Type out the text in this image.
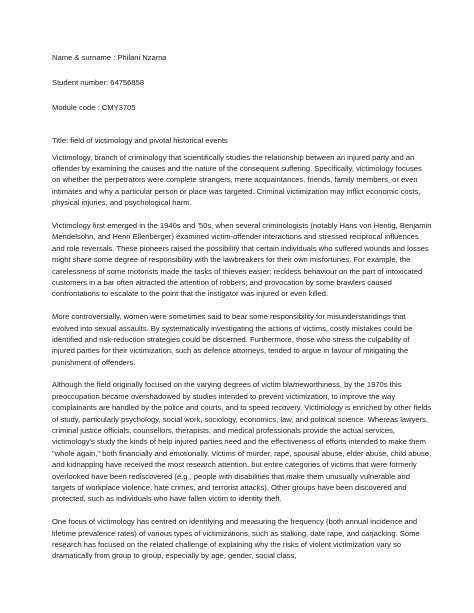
Name & surname : Philani Nzama
Student number: 64756858
Module code : CMY3705
Title: field of victimology and pivotal historical events

Victimology, branch of criminology that scientifically studies the relationship between an injured party and an offender by examining the causes and the nature of the consequent suffering. Specifically, victimology focuses on whether the perpetrators were complete strangers, mere acquaintances, friends, family members, or even intimates and why a particular person or place was targeted. Criminal victimization may inflict economic costs, physical injuries, and psychological harm.

Victimology first emerged in the 1940s and '50s, when several criminologists (notably Hans von Hentig, Benjamin Mendelsohn, and Henri Ellenberger) examined victim-offender interactions and stressed reciprocal influences and role reversals. These pioneers raised the possibility that certain individuals who suffered wounds and losses might share some degree of responsibility with the lawbreakers for their own misfortunes. For example, the carelessness of some motorists made the tasks of thieves easier; reckless behaviour on the part of intoxicated customers in a bar often attracted the attention of robbers; and provocation by some brawlers caused confrontations to escalate to the point that the instigator was injured or even killed.

More controversially, women were sometimes said to bear some responsibility for misunderstandings that evolved into sexual assaults. By systematically investigating the actions of victims, costly mistakes could be identified and risk-reduction strategies could be discerned. Furthermore, those who stress the culpability of injured parties for their victimization, such as defence attorneys, tended to argue in favour of mitigating the punishment of offenders.

Although the field originally focused on the varying degrees of victim blameworthiness, by the 1970s this preoccupation became overshadowed by studies intended to prevent victimization, to improve the way complainants are handled by the police and courts, and to speed recovery. Victimology is enriched by other fields of study, particularly psychology, social work, sociology, economics, law, and political science. Whereas lawyers, criminal justice officials, counsellors, therapists, and medical professionals provide the actual services, victimology's study the kinds of help injured parties need and the effectiveness of efforts intended to make them "whole again," both financially and emotionally. Victims of murder, rape, spousal abuse, elder abuse, child abuse, and kidnapping have received the most research attention, but entire categories of victims that were formerly overlooked have been rediscovered (e.g., people with disabilities that make them unusually vulnerable and targets of workplace violence, hate crimes, and terrorist attacks). Other groups have been discovered and protected, such as individuals who have fallen victim to identity theft.

One focus of victimology has centred on identifying and measuring the frequency (both annual incidence and lifetime prevalence rates) of various types of victimizations, such as stalking, date rape, and carjacking. Some research has focused on the related challenge of explaining why the risks of violent victimization vary so dramatically from group to group, especially by age, gender, social class,
